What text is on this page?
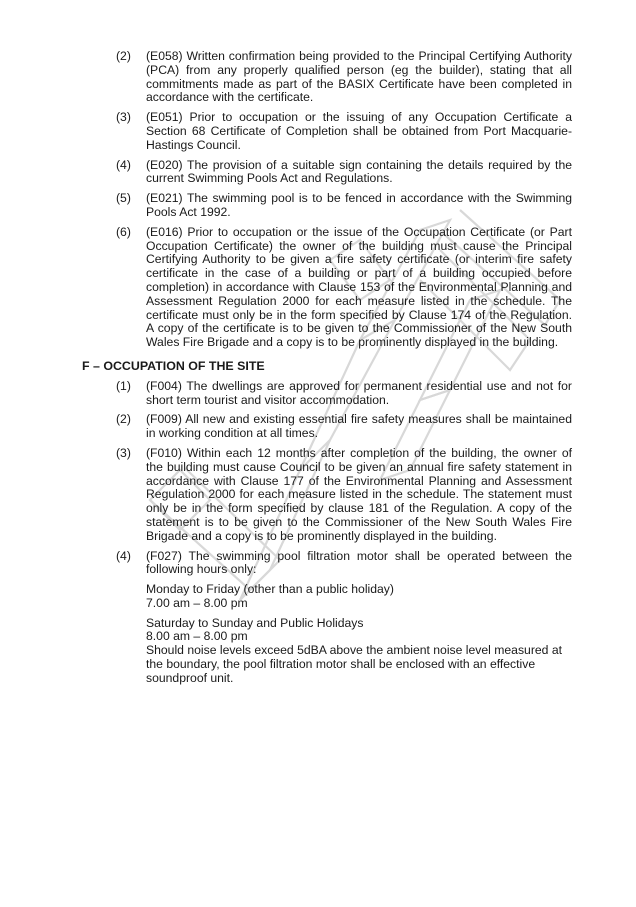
(2)	(E058) Written confirmation being provided to the Principal Certifying Authority (PCA) from any properly qualified person (eg the builder), stating that all commitments made as part of the BASIX Certificate have been completed in accordance with the certificate.
(3)	(E051) Prior to occupation or the issuing of any Occupation Certificate a Section 68 Certificate of Completion shall be obtained from Port Macquarie-Hastings Council.
(4)	(E020) The provision of a suitable sign containing the details required by the current Swimming Pools Act and Regulations.
(5)	(E021) The swimming pool is to be fenced in accordance with the Swimming Pools Act 1992.
(6)	(E016) Prior to occupation or the issue of the Occupation Certificate (or Part Occupation Certificate) the owner of the building must cause the Principal Certifying Authority to be given a fire safety certificate (or interim fire safety certificate in the case of a building or part of a building occupied before completion) in accordance with Clause 153 of the Environmental Planning and Assessment Regulation 2000 for each measure listed in the schedule. The certificate must only be in the form specified by Clause 174 of the Regulation. A copy of the certificate is to be given to the Commissioner of the New South Wales Fire Brigade and a copy is to be prominently displayed in the building.
F – OCCUPATION OF THE SITE
(1)	(F004) The dwellings are approved for permanent residential use and not for short term tourist and visitor accommodation.
(2)	(F009) All new and existing essential fire safety measures shall be maintained in working condition at all times.
(3)	(F010) Within each 12 months after completion of the building, the owner of the building must cause Council to be given an annual fire safety statement in accordance with Clause 177 of the Environmental Planning and Assessment Regulation 2000 for each measure listed in the schedule. The statement must only be in the form specified by clause 181 of the Regulation. A copy of the statement is to be given to the Commissioner of the New South Wales Fire Brigade and a copy is to be prominently displayed in the building.
(4)	(F027) The swimming pool filtration motor shall be operated between the following hours only:

Monday to Friday (other than a public holiday)
7.00 am – 8.00 pm

Saturday to Sunday and Public Holidays
8.00 am – 8.00 pm
Should noise levels exceed 5dBA above the ambient noise level measured at the boundary, the pool filtration motor shall be enclosed with an effective soundproof unit.
